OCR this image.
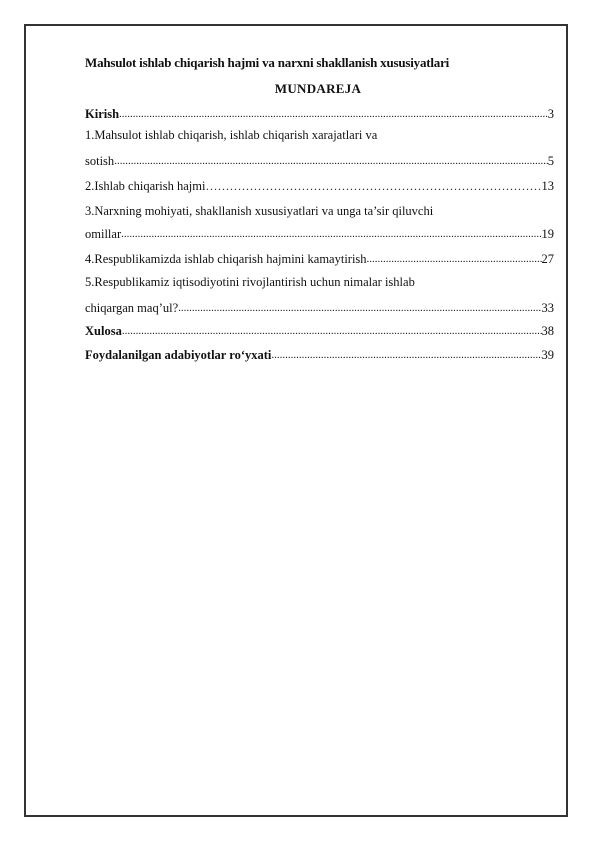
Mahsulot ishlab chiqarish hajmi va narxni shakllanish xususiyatlari
MUNDAREJA
Kirish .....	3
1.Mahsulot ishlab chiqarish, ishlab chiqarish xarajatlari va
sotish .....	5
2.Ishlab chiqarish hajmi ……………………………………………………………………………………………………………………………………	13
3.Narxning mohiyati, shakllanish xususiyatlari va unga ta’sir qiluvchi
omillar .....	19
4.Respublikamizda ishlab chiqarish hajmini kamaytirish .....	27
5.Respublikamiz iqtisodiyotini rivojlantirish uchun nimalar ishlab
chiqargan maq’ul? .....	33
Xulosa .....	38
Foydalanilgan adabiyotlar ro‘yxati .....	39
